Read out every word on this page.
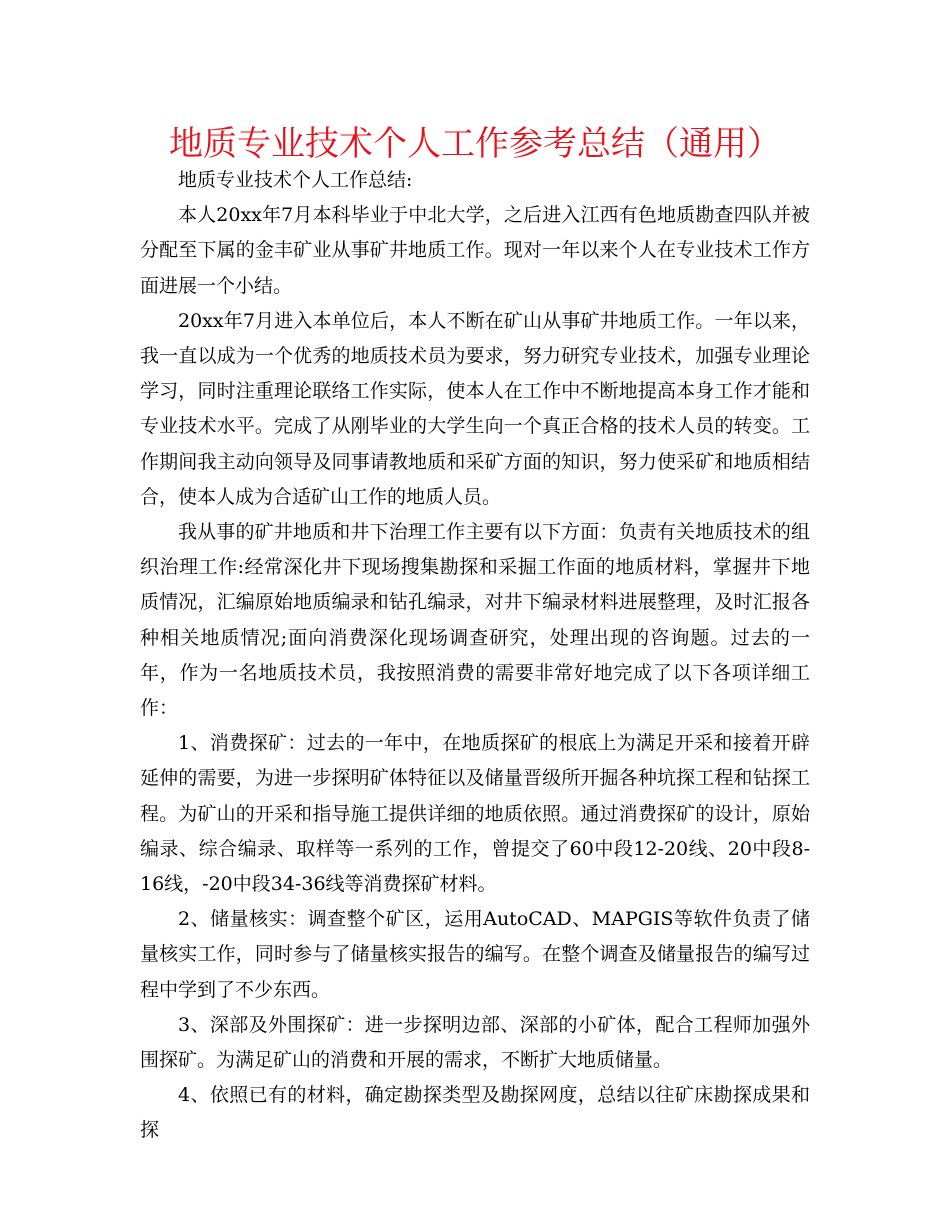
地质专业技术个人工作参考总结（通用）

地质专业技术个人工作总结:

本人20xx年7月本科毕业于中北大学，之后进入江西有色地质勘查四队并被分配至下属的金丰矿业从事矿井地质工作。现对一年以来个人在专业技术工作方面进展一个小结。

20xx年7月进入本单位后，本人不断在矿山从事矿井地质工作。一年以来，我一直以成为一个优秀的地质技术员为要求，努力研究专业技术，加强专业理论学习，同时注重理论联络工作实际，使本人在工作中不断地提高本身工作才能和专业技术水平。完成了从刚毕业的大学生向一个真正合格的技术人员的转变。工作期间我主动向领导及同事请教地质和采矿方面的知识，努力使采矿和地质相结合，使本人成为合适矿山工作的地质人员。

我从事的矿井地质和井下治理工作主要有以下方面：负责有关地质技术的组织治理工作:经常深化井下现场搜集勘探和采掘工作面的地质材料，掌握井下地质情况，汇编原始地质编录和钻孔编录，对井下编录材料进展整理，及时汇报各种相关地质情况;面向消费深化现场调查研究，处理出现的咨询题。过去的一年，作为一名地质技术员，我按照消费的需要非常好地完成了以下各项详细工作：

1、消费探矿：过去的一年中，在地质探矿的根底上为满足开采和接着开辟延伸的需要，为进一步探明矿体特征以及储量晋级所开掘各种坑探工程和钻探工程。为矿山的开采和指导施工提供详细的地质依照。通过消费探矿的设计，原始编录、综合编录、取样等一系列的工作，曾提交了60中段12-20线、20中段8-16线，-20中段34-36线等消费探矿材料。

2、储量核实：调查整个矿区，运用AutoCAD、MAPGIS等软件负责了储量核实工作，同时参与了储量核实报告的编写。在整个调查及储量报告的编写过程中学到了不少东西。

3、深部及外围探矿：进一步探明边部、深部的小矿体，配合工程师加强外围探矿。为满足矿山的消费和开展的需求，不断扩大地质储量。

4、依照已有的材料，确定勘探类型及勘探网度，总结以往矿床勘探成果和探
